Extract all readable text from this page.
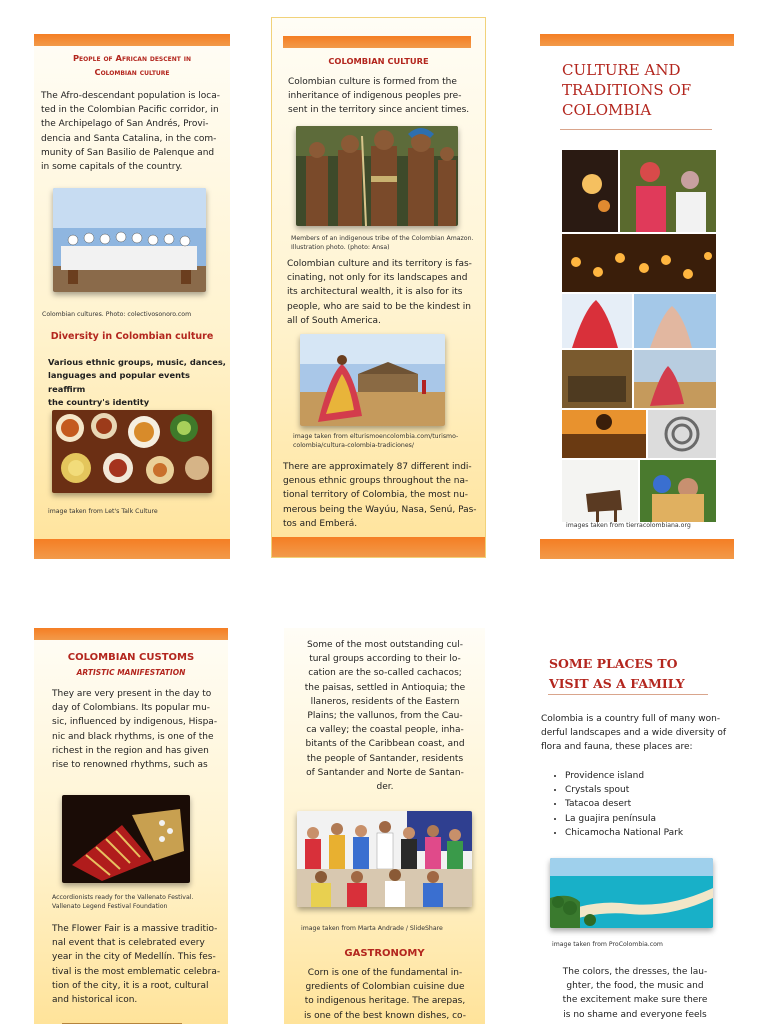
People of African descent in
Colombian culture
The Afro-descendant population is loca-
ted in the Colombian Pacific corridor, in
the Archipelago of San Andrés, Provi-
dencia and Santa Catalina, in the com-
munity of San Basilio de Palenque and
in some capitals of the country.
Colombian cultures. Photo: colectivosonoro.com
Diversity in Colombian culture
Various ethnic groups, music, dances,
languages and popular events reaffirm
the country's identity
image taken from Let's Talk Culture
COLOMBIAN CULTURE
Colombian culture is formed from the
inheritance of indigenous peoples pre-
sent in the territory since ancient times.
Members of an indigenous tribe of the Colombian Amazon.
Illustration photo. (photo: Ansa)
Colombian culture and its territory is fas-
cinating, not only for its landscapes and
its architectural wealth, it is also for its
people, who are said to be the kindest in
all of South America.
image taken from elturismoencolombia.com/turismo-
colombia/cultura-colombia-tradiciones/
There are approximately 87 different indi-
genous ethnic groups throughout the na-
tional territory of Colombia, the most nu-
merous being the Wayúu, Nasa, Senú, Pas-
tos and Emberá.
CULTURE AND
TRADITIONS OF
COLOMBIA
images taken from tierracolombiana.org
COLOMBIAN CUSTOMS
ARTISTIC MANIFESTATION
They are very present in the day to
day of Colombians. Its popular mu-
sic, influenced by indigenous, Hispa-
nic and black rhythms, is one of the
richest in the region and has given
rise to renowned rhythms, such as
Accordionists ready for the Vallenato Festival.
Vallenato Legend Festival Foundation
The Flower Fair is a massive traditio-
nal event that is celebrated every
year in the city of Medellín. This fes-
tival is the most emblematic celebra-
tion of the city, it is a root, cultural
and historical icon.
Some of the most outstanding cul-
tural groups according to their lo-
cation are the so-called cachacos;
the paisas, settled in Antioquia; the
llaneros, residents of the Eastern
Plains; the vallunos, from the Cau-
ca valley; the coastal people, inha-
bitants of the Caribbean coast, and
the people of Santander, residents
of Santander and Norte de Santan-
der.
image taken from Marta Andrade / SlideShare
GASTRONOMY
Corn is one of the fundamental in-
gredients of Colombian cuisine due
to indigenous heritage. The arepas,
is one of the best known dishes, co-
SOME PLACES TO
VISIT AS A FAMILY
Colombia is a country full of many won-
derful landscapes and a wide diversity of
flora and fauna, these places are:
• Providence island
• Crystals spout
• Tatacoa desert
• La guajira península
• Chicamocha National Park
image taken from ProColombia.com
The colors, the dresses, the lau-
ghter, the food, the music and
the excitement make sure there
is no shame and everyone feels
